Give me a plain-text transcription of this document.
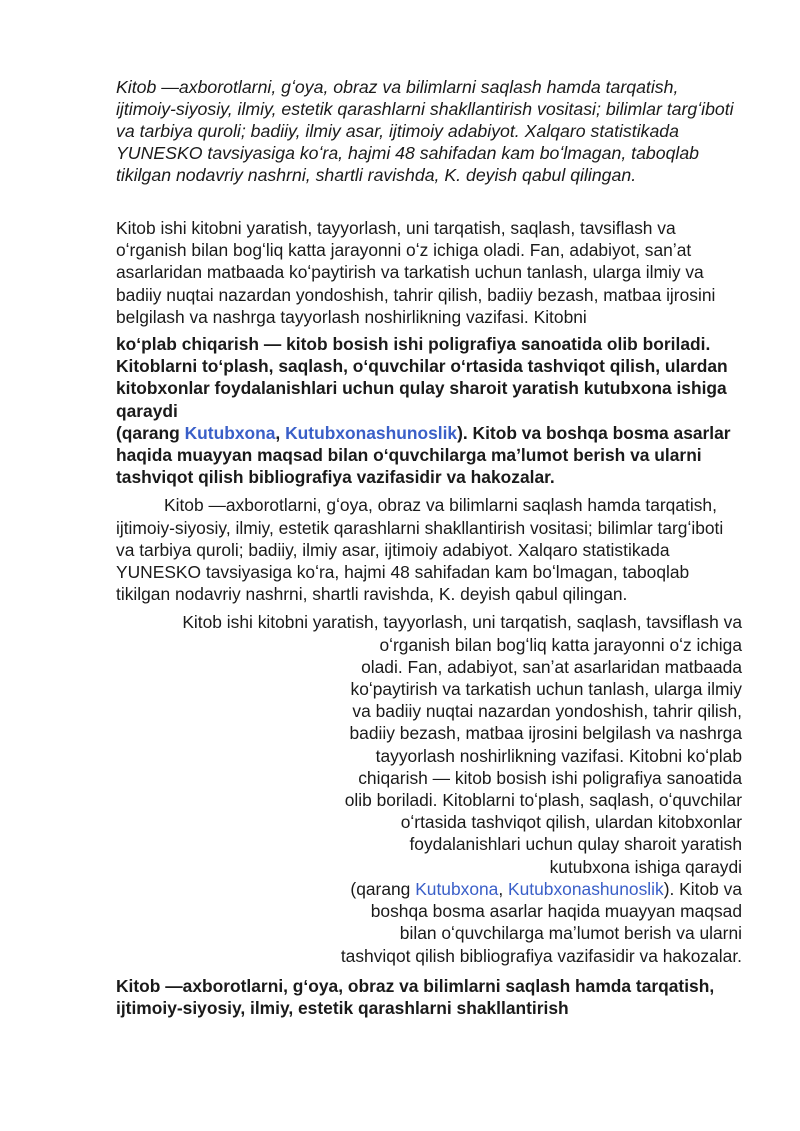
Kitob —axborotlarni, gʻoya, obraz va bilimlarni saqlash hamda tarqatish, ijtimoiy-siyosiy, ilmiy, estetik qarashlarni shakllantirish vositasi; bilimlar targʻiboti va tarbiya quroli; badiiy, ilmiy asar, ijtimoiy adabiyot. Xalqaro statistikada YUNESKO tavsiyasiga koʻra, hajmi 48 sahifadan kam boʻlmagan, taboqlab tikilgan nodavriy nashrni, shartli ravishda, K. deyish qabul qilingan.

Kitob ishi kitobni yaratish, tayyorlash, uni tarqatish, saqlash, tavsiflash va oʻrganish bilan bogʻliq katta jarayonni oʻz ichiga oladi. Fan, adabiyot, sanʼat asarlaridan matbaada koʻpaytirish va tarkatish uchun tanlash, ularga ilmiy va badiiy nuqtai nazardan yondoshish, tahrir qilish, badiiy bezash, matbaa ijrosini belgilash va nashrga tayyorlash noshirlikning vazifasi. Kitobni

koʻplab chiqarish — kitob bosish ishi poligrafiya sanoatida olib boriladi. Kitoblarni toʻplash, saqlash, oʻquvchilar oʻrtasida tashviqot qilish, ulardan kitobxonlar foydalanishlari uchun qulay sharoit yaratish kutubxona ishiga qaraydi
(qarang Kutubxona, Kutubxonashunoslik). Kitob va boshqa bosma asarlar haqida muayyan maqsad bilan oʻquvchilarga maʼlumot berish va ularni tashviqot qilish bibliografiya vazifasidir va hakozalar.

Kitob —axborotlarni, gʻoya, obraz va bilimlarni saqlash hamda tarqatish, ijtimoiy-siyosiy, ilmiy, estetik qarashlarni shakllantirish vositasi; bilimlar targʻiboti va tarbiya quroli; badiiy, ilmiy asar, ijtimoiy adabiyot. Xalqaro statistikada YUNESKO tavsiyasiga koʻra, hajmi 48 sahifadan kam boʻlmagan, taboqlab tikilgan nodavriy nashrni, shartli ravishda, K. deyish qabul qilingan.

Kitob ishi kitobni yaratish, tayyorlash, uni tarqatish, saqlash, tavsiflash va
oʻrganish bilan bogʻliq katta jarayonni oʻz ichiga
oladi. Fan, adabiyot, sanʼat asarlaridan matbaada
koʻpaytirish va tarkatish uchun tanlash, ularga ilmiy
va badiiy nuqtai nazardan yondoshish, tahrir qilish,
badiiy bezash, matbaa ijrosini belgilash va nashrga
tayyorlash noshirlikning vazifasi. Kitobni koʻplab
chiqarish — kitob bosish ishi poligrafiya sanoatida
olib boriladi. Kitoblarni toʻplash, saqlash, oʻquvchilar
oʻrtasida tashviqot qilish, ulardan kitobxonlar
foydalanishlari uchun qulay sharoit yaratish
kutubxona ishiga qaraydi
(qarang Kutubxona, Kutubxonashunoslik). Kitob va
boshqa bosma asarlar haqida muayyan maqsad
bilan oʻquvchilarga maʼlumot berish va ularni
tashviqot qilish bibliografiya vazifasidir va hakozalar.

Kitob —axborotlarni, gʻoya, obraz va bilimlarni saqlash hamda tarqatish, ijtimoiy-siyosiy, ilmiy, estetik qarashlarni shakllantirish
